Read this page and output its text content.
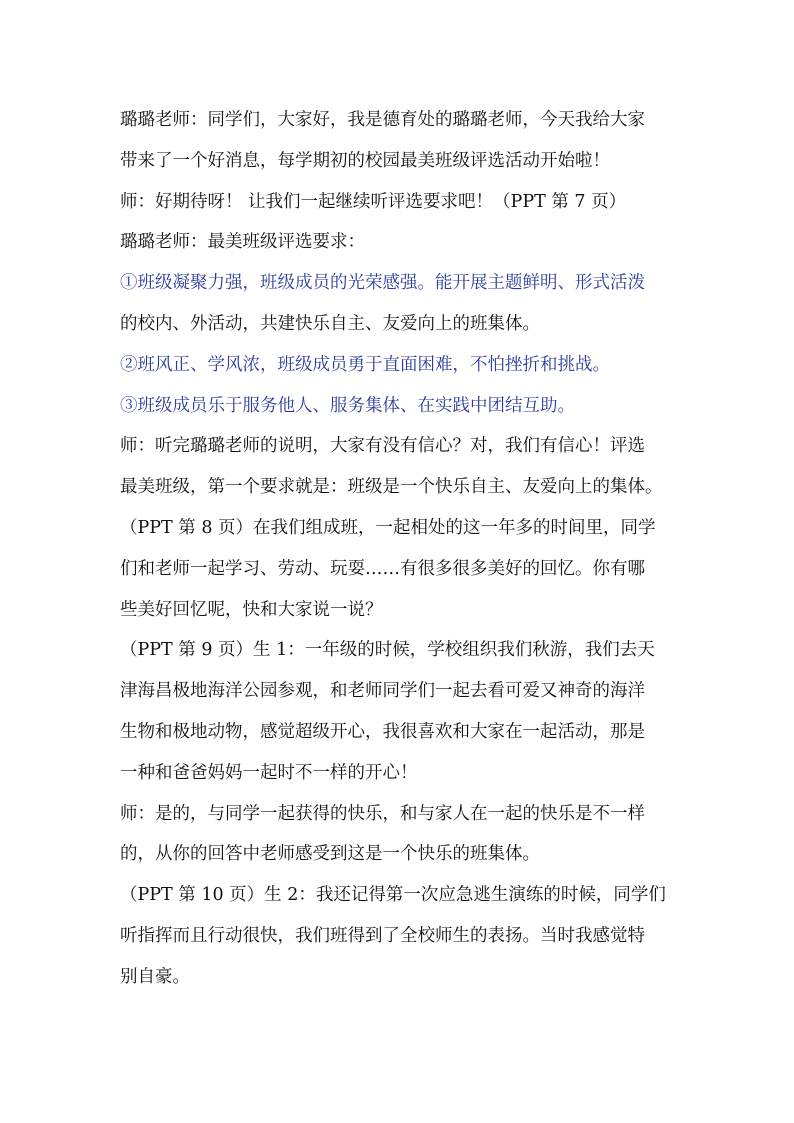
璐璐老师：同学们，大家好，我是德育处的璐璐老师，今天我给大家
带来了一个好消息，每学期初的校园最美班级评选活动开始啦！
师：好期待呀！ 让我们一起继续听评选要求吧！（PPT 第 7 页）
璐璐老师：最美班级评选要求：
①班级凝聚力强，班级成员的光荣感强。能开展主题鲜明、形式活泼
的校内、外活动，共建快乐自主、友爱向上的班集体。
②班风正、学风浓，班级成员勇于直面困难，不怕挫折和挑战。
③班级成员乐于服务他人、服务集体、在实践中团结互助。
师：听完璐璐老师的说明，大家有没有信心？对，我们有信心！评选
最美班级，第一个要求就是：班级是一个快乐自主、友爱向上的集体。
（PPT 第 8 页）在我们组成班，一起相处的这一年多的时间里，同学
们和老师一起学习、劳动、玩耍……有很多很多美好的回忆。你有哪
些美好回忆呢，快和大家说一说？
（PPT 第 9 页）生 1：一年级的时候，学校组织我们秋游，我们去天
津海昌极地海洋公园参观，和老师同学们一起去看可爱又神奇的海洋
生物和极地动物，感觉超级开心，我很喜欢和大家在一起活动，那是
一种和爸爸妈妈一起时不一样的开心！
师：是的，与同学一起获得的快乐，和与家人在一起的快乐是不一样
的，从你的回答中老师感受到这是一个快乐的班集体。
（PPT 第 10 页）生 2：我还记得第一次应急逃生演练的时候，同学们
听指挥而且行动很快，我们班得到了全校师生的表扬。当时我感觉特
别自豪。
